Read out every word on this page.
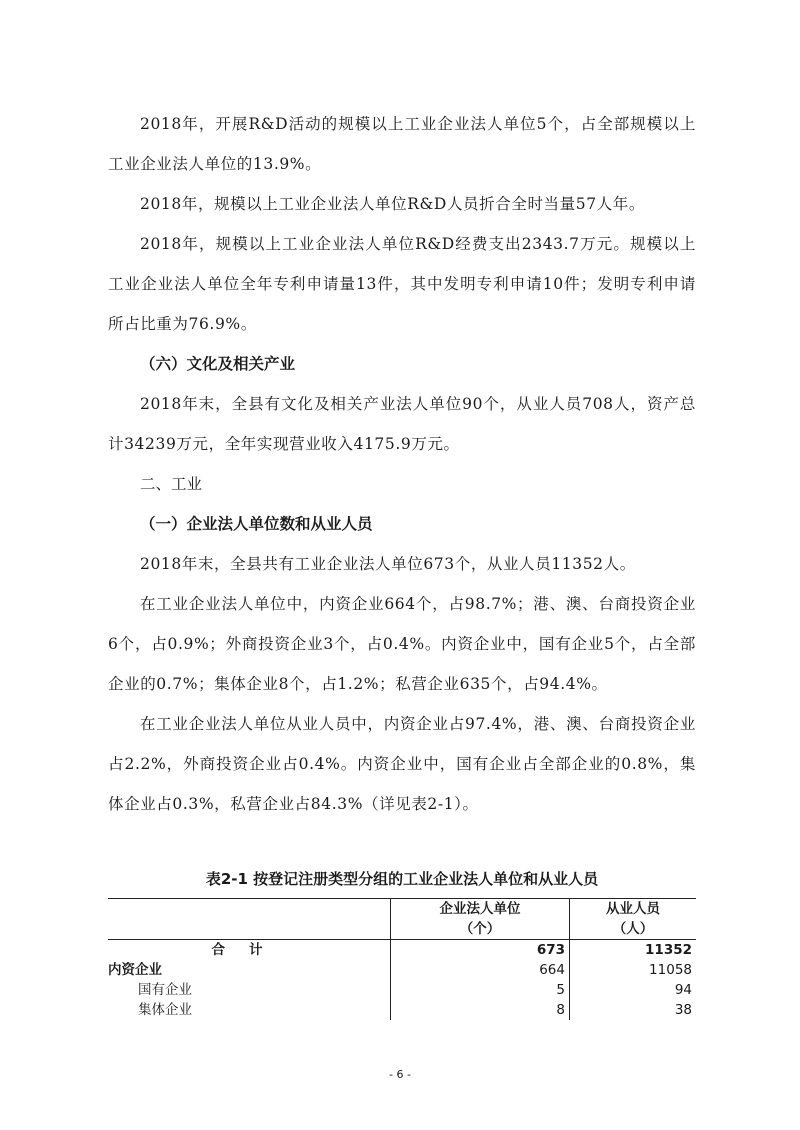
2018年，开展R&D活动的规模以上工业企业法人单位5个，占全部规模以上工业企业法人单位的13.9%。

2018年，规模以上工业企业法人单位R&D人员折合全时当量57人年。

2018年，规模以上工业企业法人单位R&D经费支出2343.7万元。规模以上工业企业法人单位全年专利申请量13件，其中发明专利申请10件；发明专利申请所占比重为76.9%。

（六）文化及相关产业

2018年末，全县有文化及相关产业法人单位90个，从业人员708人，资产总计34239万元，全年实现营业收入4175.9万元。

二、工业

（一）企业法人单位数和从业人员

2018年末，全县共有工业企业法人单位673个，从业人员11352人。

在工业企业法人单位中，内资企业664个，占98.7%；港、澳、台商投资企业6个，占0.9%；外商投资企业3个，占0.4%。内资企业中，国有企业5个，占全部企业的0.7%；集体企业8个，占1.2%；私营企业635个，占94.4%。

在工业企业法人单位从业人员中，内资企业占97.4%，港、澳、台商投资企业占2.2%，外商投资企业占0.4%。内资企业中，国有企业占全部企业的0.8%，集体企业占0.3%，私营企业占84.3%（详见表2-1）。

表2-1 按登记注册类型分组的工业企业法人单位和从业人员

	企业法人单位	从业人员
	（个）	（人）
合计	673	11352
内资企业	664	11058
国有企业	5	94
集体企业	8	38
- 6 -
